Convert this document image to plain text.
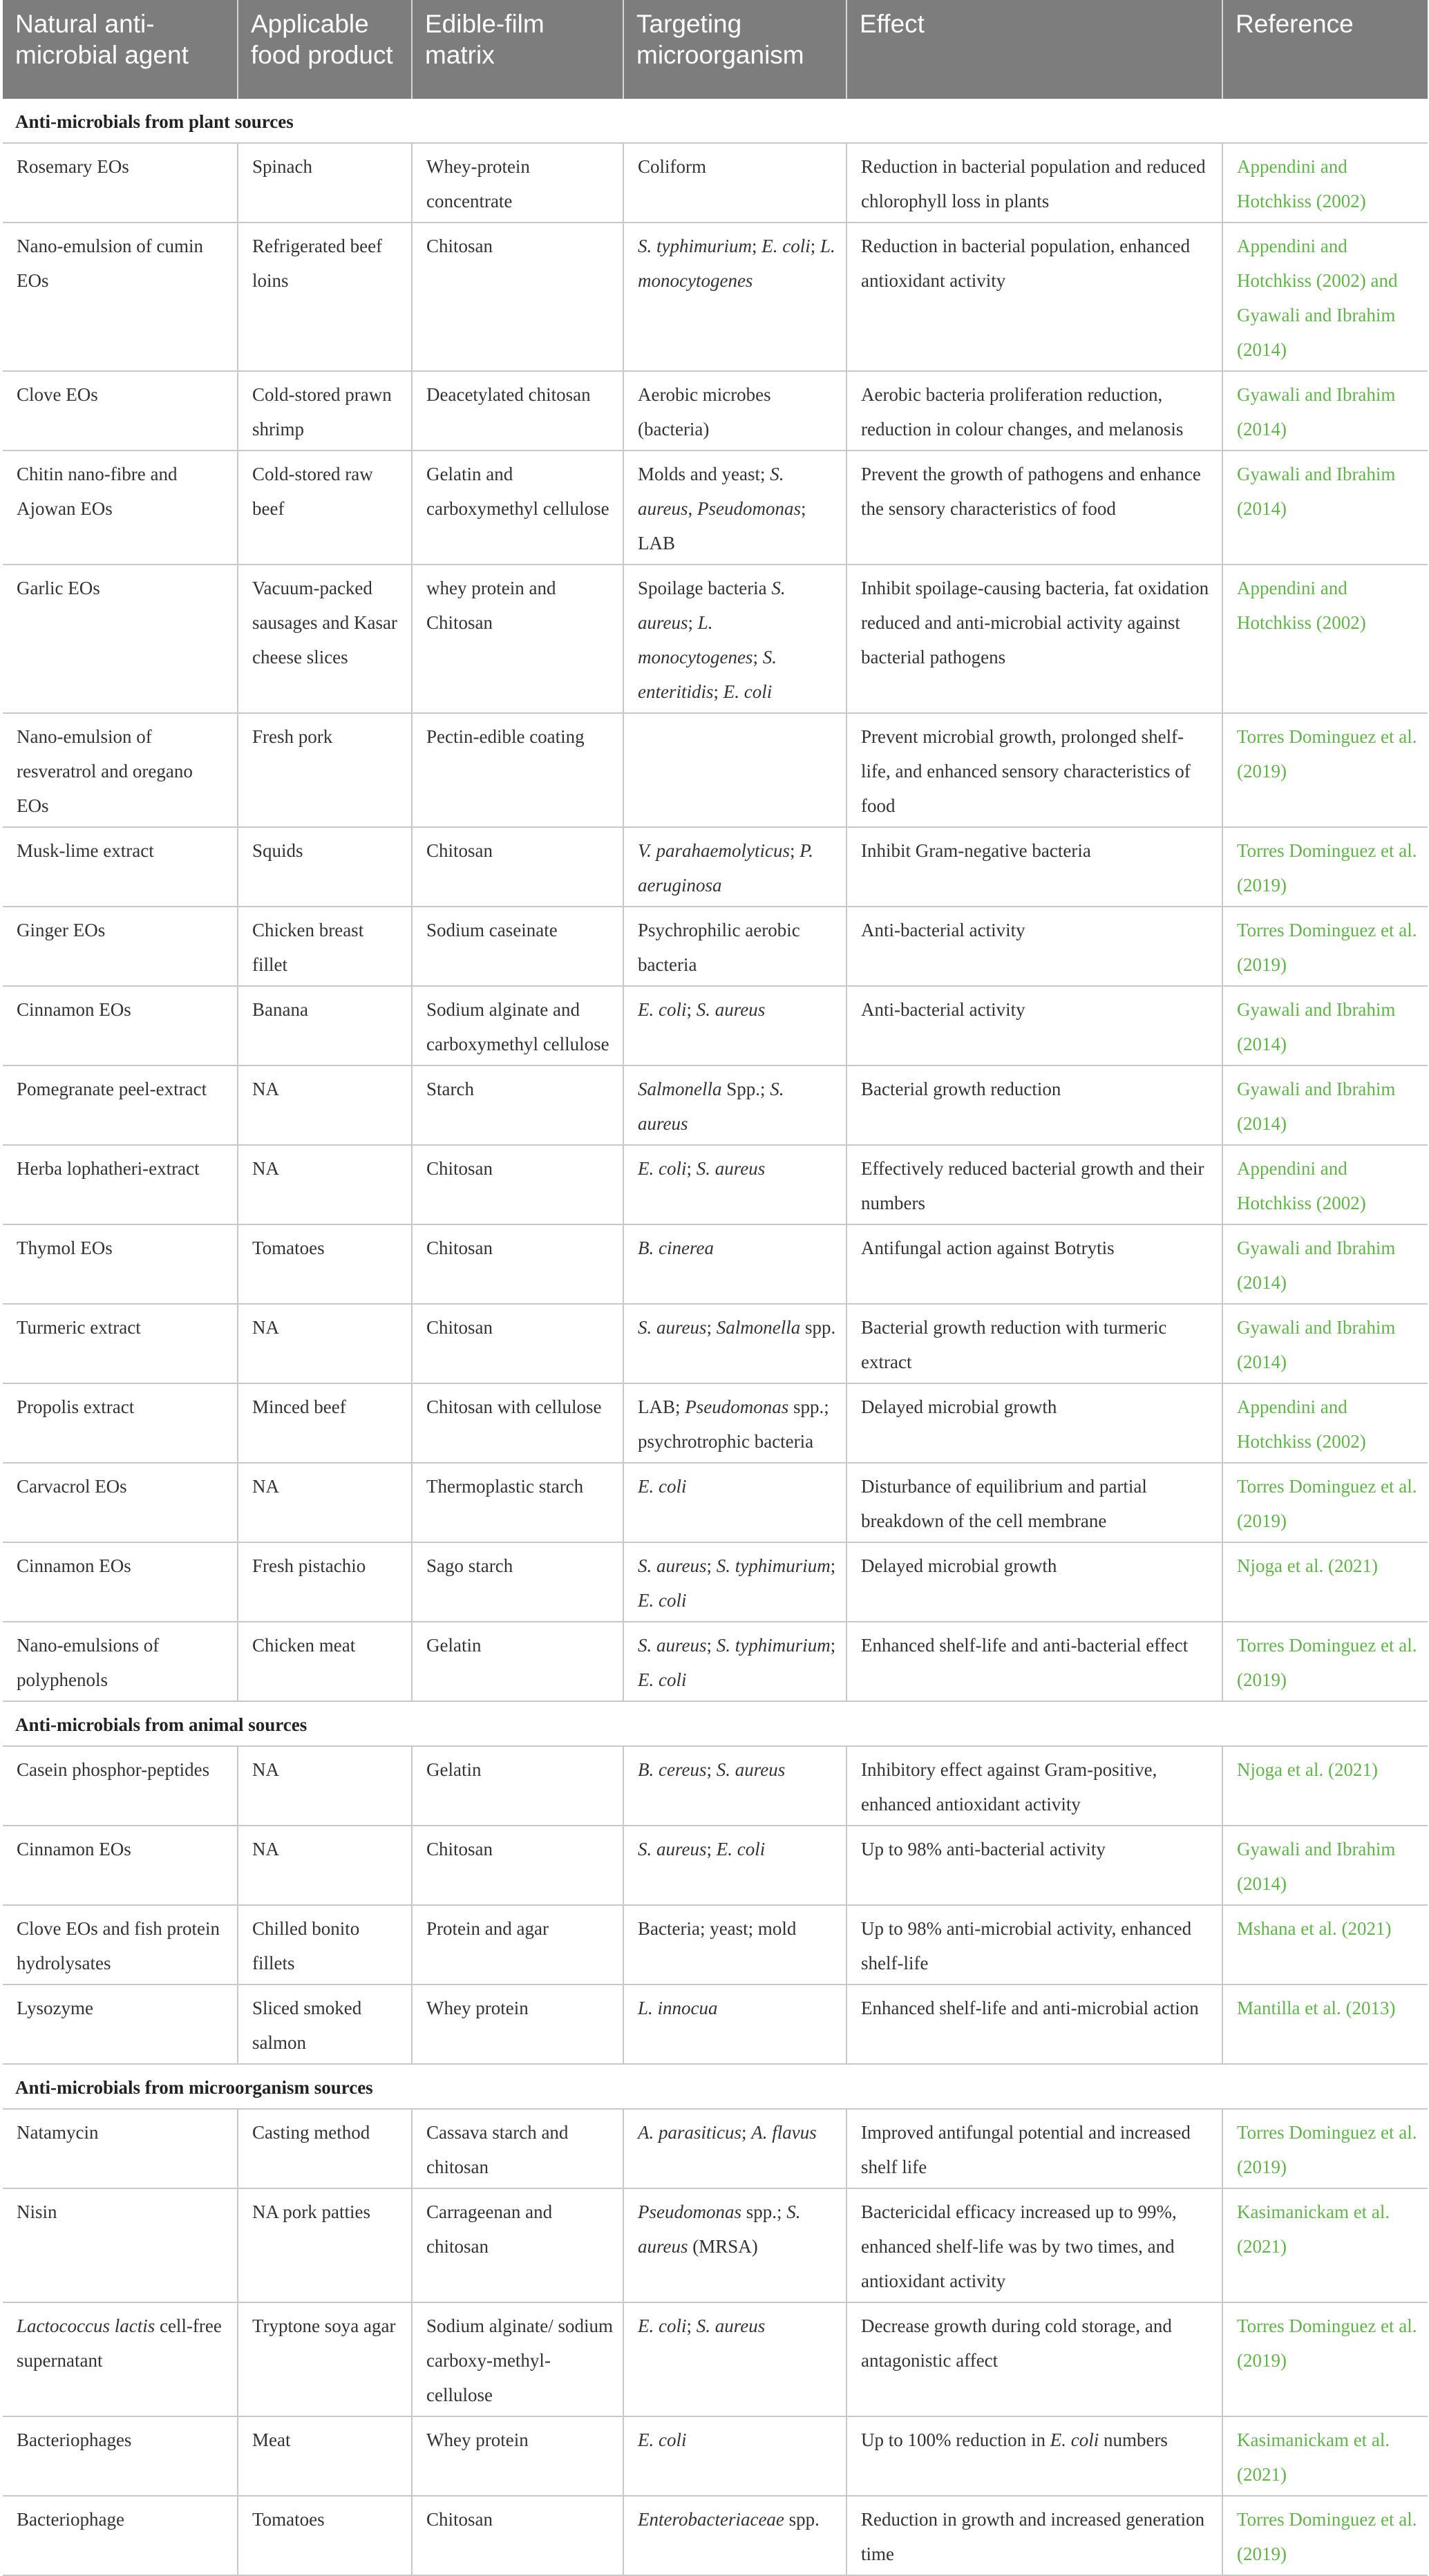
Natural anti-microbial agent	Applicable food product	Edible-film matrix	Targeting microorganism	Effect	Reference
Anti-microbials from plant sources					
Rosemary EOs	Spinach	Whey-protein concentrate	Coliform	Reduction in bacterial population and reduced chlorophyll loss in plants	Appendini and Hotchkiss (2002)
Nano-emulsion of cumin EOs	Refrigerated beef loins	Chitosan	S. typhimurium; E. coli; L. monocytogenes	Reduction in bacterial population, enhanced antioxidant activity	Appendini and Hotchkiss (2002) and Gyawali and Ibrahim (2014)
Clove EOs	Cold-stored prawn shrimp	Deacetylated chitosan	Aerobic microbes (bacteria)	Aerobic bacteria proliferation reduction, reduction in colour changes, and melanosis	Gyawali and Ibrahim (2014)
Chitin nano-fibre and Ajowan EOs	Cold-stored raw beef	Gelatin and carboxymethyl cellulose	Molds and yeast; S. aureus, Pseudomonas; LAB	Prevent the growth of pathogens and enhance the sensory characteristics of food	Gyawali and Ibrahim (2014)
Garlic EOs	Vacuum-packed sausages and Kasar cheese slices	whey protein and Chitosan	Spoilage bacteria S. aureus; L. monocytogenes; S. enteritidis; E. coli	Inhibit spoilage-causing bacteria, fat oxidation reduced and anti-microbial activity against bacterial pathogens	Appendini and Hotchkiss (2002)
Nano-emulsion of resveratrol and oregano EOs	Fresh pork	Pectin-edible coating		Prevent microbial growth, prolonged shelf-life, and enhanced sensory characteristics of food	Torres Dominguez et al. (2019)
Musk-lime extract	Squids	Chitosan	V. parahaemolyticus; P. aeruginosa	Inhibit Gram-negative bacteria	Torres Dominguez et al. (2019)
Ginger EOs	Chicken breast fillet	Sodium caseinate	Psychrophilic aerobic bacteria	Anti-bacterial activity	Torres Dominguez et al. (2019)
Cinnamon EOs	Banana	Sodium alginate and carboxymethyl cellulose	E. coli; S. aureus	Anti-bacterial activity	Gyawali and Ibrahim (2014)
Pomegranate peel-extract	NA	Starch	Salmonella Spp.; S. aureus	Bacterial growth reduction	Gyawali and Ibrahim (2014)
Herba lophatheri-extract	NA	Chitosan	E. coli; S. aureus	Effectively reduced bacterial growth and their numbers	Appendini and Hotchkiss (2002)
Thymol EOs	Tomatoes	Chitosan	B. cinerea	Antifungal action against Botrytis	Gyawali and Ibrahim (2014)
Turmeric extract	NA	Chitosan	S. aureus; Salmonella spp.	Bacterial growth reduction with turmeric extract	Gyawali and Ibrahim (2014)
Propolis extract	Minced beef	Chitosan with cellulose	LAB; Pseudomonas spp.; psychrotrophic bacteria	Delayed microbial growth	Appendini and Hotchkiss (2002)
Carvacrol EOs	NA	Thermoplastic starch	E. coli	Disturbance of equilibrium and partial breakdown of the cell membrane	Torres Dominguez et al. (2019)
Cinnamon EOs	Fresh pistachio	Sago starch	S. aureus; S. typhimurium; E. coli	Delayed microbial growth	Njoga et al. (2021)
Nano-emulsions of polyphenols	Chicken meat	Gelatin	S. aureus; S. typhimurium; E. coli	Enhanced shelf-life and anti-bacterial effect	Torres Dominguez et al. (2019)
Anti-microbials from animal sources					
Casein phosphor-peptides	NA	Gelatin	B. cereus; S. aureus	Inhibitory effect against Gram-positive, enhanced antioxidant activity	Njoga et al. (2021)
Cinnamon EOs	NA	Chitosan	S. aureus; E. coli	Up to 98% anti-bacterial activity	Gyawali and Ibrahim (2014)
Clove EOs and fish protein hydrolysates	Chilled bonito fillets	Protein and agar	Bacteria; yeast; mold	Up to 98% anti-microbial activity, enhanced shelf-life	Mshana et al. (2021)
Lysozyme	Sliced smoked salmon	Whey protein	L. innocua	Enhanced shelf-life and anti-microbial action	Mantilla et al. (2013)
Anti-microbials from microorganism sources					
Natamycin	Casting method	Cassava starch and chitosan	A. parasiticus; A. flavus	Improved antifungal potential and increased shelf life	Torres Dominguez et al. (2019)
Nisin	NA pork patties	Carrageenan and chitosan	Pseudomonas spp.; S. aureus (MRSA)	Bactericidal efficacy increased up to 99%, enhanced shelf-life was by two times, and antioxidant activity	Kasimanickam et al. (2021)
Lactococcus lactis cell-free supernatant	Tryptone soya agar	Sodium alginate/ sodium carboxy-methyl-cellulose	E. coli; S. aureus	Decrease growth during cold storage, and antagonistic affect	Torres Dominguez et al. (2019)
Bacteriophages	Meat	Whey protein	E. coli	Up to 100% reduction in E. coli numbers	Kasimanickam et al. (2021)
Bacteriophage	Tomatoes	Chitosan	Enterobacteriaceae spp.	Reduction in growth and increased generation time	Torres Dominguez et al. (2019)
